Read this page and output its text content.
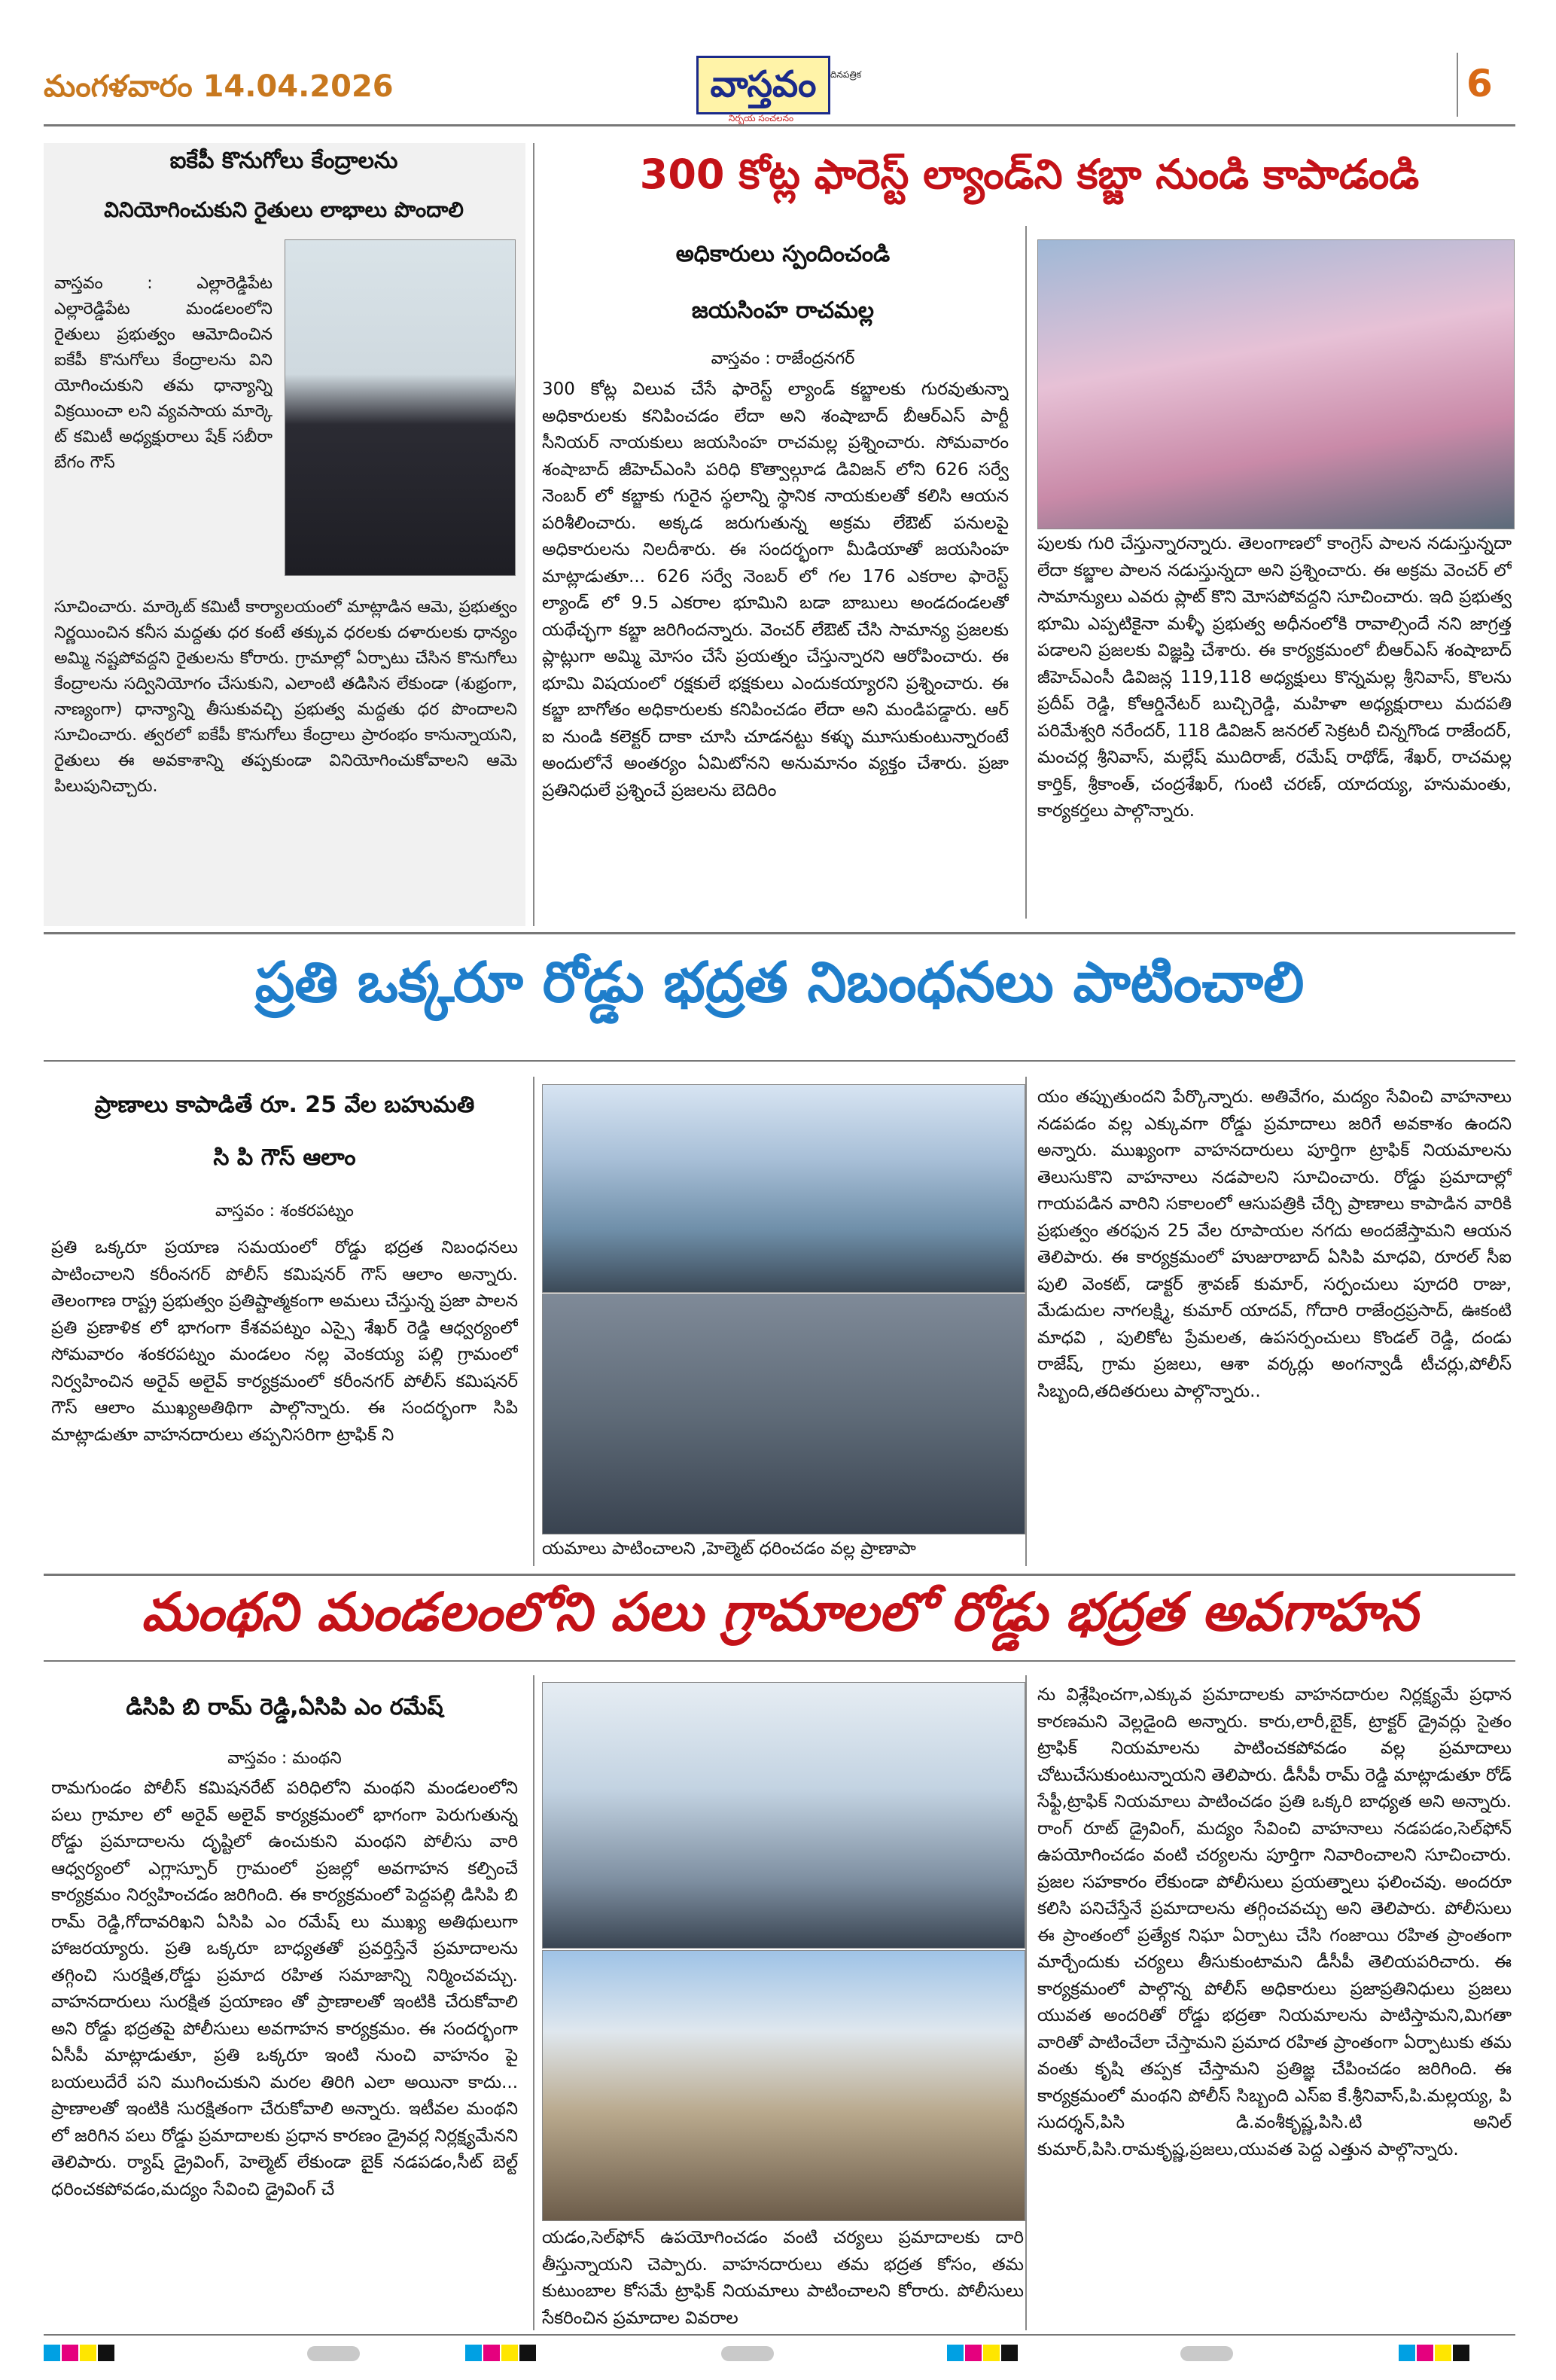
మంగళవారం 14.04.2026	వాస్తవం
నిర్భయ సంచలనం
దినపత్రిక	6
ఐకేపీ కొనుగోలు కేంద్రాలను
వినియోగించుకుని రైతులు లాభాలు పొందాలి
వాస్తవం : ఎల్లారెడ్డిపేట ఎల్లారెడ్డిపేట మండలంలోని రైతులు ప్రభుత్వం ఆమోదించిన ఐకేపీ కొనుగోలు కేంద్రాలను విని యోగించుకుని తమ ధాన్యాన్ని విక్రయించా లని వ్యవసాయ మార్కె ట్ కమిటీ అధ్యక్షురాలు షేక్ సబీరా బేగం గౌస్
సూచించారు. మార్కెట్ కమిటీ కార్యాలయంలో మాట్లాడిన ఆమె, ప్రభుత్వం నిర్ణయించిన కనీస మద్దతు ధర కంటే తక్కువ ధరలకు దళారులకు ధాన్యం అమ్మి నష్టపోవద్దని రైతులను కోరారు. గ్రామాల్లో ఏర్పాటు చేసిన కొనుగోలు కేంద్రాలను సద్వినియోగం చేసుకుని, ఎలాంటి తడిసిన లేకుండా (శుభ్రంగా, నాణ్యంగా) ధాన్యాన్ని తీసుకువచ్చి ప్రభుత్వ మద్దతు ధర పొందాలని సూచించారు. త్వరలో ఐకేపీ కొనుగోలు కేంద్రాలు ప్రారంభం కానున్నాయని, రైతులు ఈ అవకాశాన్ని తప్పకుండా వినియోగించుకోవాలని ఆమె పిలుపునిచ్చారు.
300 కోట్ల ఫారెస్ట్ ల్యాండ్‌ని కబ్జా నుండి కాపాడండి
అధికారులు స్పందించండి
జయసింహ రాచమల్ల
వాస్తవం : రాజేంద్రనగర్
300 కోట్ల విలువ చేసే ఫారెస్ట్ ల్యాండ్ కబ్జాలకు గురవుతున్నా అధికారులకు కనిపించడం లేదా అని శంషాబాద్ బీఆర్ఎస్ పార్టీ సీనియర్ నాయకులు జయసింహ రాచమల్ల ప్రశ్నించారు. సోమవారం శంషాబాద్ జీహెచ్ఎంసి పరిధి కొత్వాల్గూడ డివిజన్ లోని 626 సర్వే నెంబర్ లో కబ్జాకు గురైన స్థలాన్ని స్థానిక నాయకులతో కలిసి ఆయన పరిశీలించారు. అక్కడ జరుగుతున్న అక్రమ లేఔట్ పనులపై అధికారులను నిలదీశారు. ఈ సందర్భంగా మీడియాతో జయసింహ మాట్లాడుతూ... 626 సర్వే నెంబర్ లో గల 176 ఎకరాల ఫారెస్ట్ ల్యాండ్ లో 9.5 ఎకరాల భూమిని బడా బాబులు అండదండలతో యథేచ్ఛగా కబ్జా జరిగిందన్నారు. వెంచర్ లేఔట్ చేసి సామాన్య ప్రజలకు ప్లాట్లుగా అమ్మి మోసం చేసే ప్రయత్నం చేస్తున్నారని ఆరోపించారు. ఈ భూమి విషయంలో రక్షకులే భక్షకులు ఎందుకయ్యారని ప్రశ్నించారు. ఈ కబ్జా బాగోతం అధికారులకు కనిపించడం లేదా అని మండిపడ్డారు. ఆర్ ఐ నుండి కలెక్టర్ దాకా చూసి చూడనట్టు కళ్ళు మూసుకుంటున్నారంటే అందులోనే అంతర్యం ఏమిటోనని అనుమానం వ్యక్తం చేశారు. ప్రజా ప్రతినిధులే ప్రశ్నించే ప్రజలను బెదిరిం
పులకు గురి చేస్తున్నారన్నారు. తెలంగాణలో కాంగ్రెస్ పాలన నడుస్తున్నదా లేదా కబ్జాల పాలన నడుస్తున్నదా అని ప్రశ్నించారు. ఈ అక్రమ వెంచర్ లో సామాన్యులు ఎవరు ప్లాట్ కొని మోసపోవద్దని సూచించారు. ఇది ప్రభుత్వ భూమి ఎప్పటికైనా మళ్ళీ ప్రభుత్వ అధీనంలోకి రావాల్సిందే నని జాగ్రత్త పడాలని ప్రజలకు విజ్ఞప్తి చేశారు. ఈ కార్యక్రమంలో బీఆర్ఎస్ శంషాబాద్ జీహెచ్ఎంసీ డివిజన్ల 119,118 అధ్యక్షులు కొన్నమల్ల శ్రీనివాస్, కొలను ప్రదీప్ రెడ్డి, కోఆర్డినేటర్ బుచ్చిరెడ్డి, మహిళా అధ్యక్షురాలు మదపతి పరిమేశ్వరి నరేందర్, 118 డివిజన్ జనరల్ సెక్రటరీ చిన్నగొండ రాజేందర్, మంచర్ల శ్రీనివాస్, మల్లేష్ ముదిరాజ్, రమేష్ రాథోడ్, శేఖర్, రాచమల్ల కార్తిక్, శ్రీకాంత్, చంద్రశేఖర్, గుంటి చరణ్, యాదయ్య, హనుమంతు, కార్యకర్తలు పాల్గొన్నారు.
ప్రతి ఒక్కరూ రోడ్డు భద్రత నిబంధనలు పాటించాలి
ప్రాణాలు కాపాడితే రూ. 25 వేల బహుమతి
సి పి గౌస్ ఆలాం
వాస్తవం : శంకరపట్నం
ప్రతి ఒక్కరూ ప్రయాణ సమయంలో రోడ్డు భద్రత నిబంధనలు పాటించాలని కరీంనగర్ పోలీస్ కమిషనర్ గౌస్ ఆలాం అన్నారు. తెలంగాణ రాష్ట్ర ప్రభుత్వం ప్రతిష్టాత్మకంగా అమలు చేస్తున్న ప్రజా పాలన ప్రతి ప్రణాళిక లో భాగంగా కేశవపట్నం ఎస్సై శేఖర్ రెడ్డి ఆధ్వర్యంలో సోమవారం శంకరపట్నం మండలం నల్ల వెంకయ్య పల్లి గ్రామంలో నిర్వహించిన అరైవ్ అలైవ్ కార్యక్రమంలో కరీంనగర్ పోలీస్ కమిషనర్ గౌస్ ఆలాం ముఖ్యఅతిథిగా పాల్గొన్నారు. ఈ సందర్భంగా సిపి మాట్లాడుతూ వాహనదారులు తప్పనిసరిగా ట్రాఫిక్ ని
యమాలు పాటించాలని ,హెల్మెట్ ధరించడం వల్ల ప్రాణాపా
యం తప్పుతుందని పేర్కొన్నారు. అతివేగం, మద్యం సేవించి వాహనాలు నడపడం వల్ల ఎక్కువగా రోడ్డు ప్రమాదాలు జరిగే అవకాశం ఉందని అన్నారు. ముఖ్యంగా వాహనదారులు పూర్తిగా ట్రాఫిక్ నియమాలను తెలుసుకొని వాహనాలు నడపాలని సూచించారు. రోడ్డు ప్రమాదాల్లో గాయపడిన వారిని సకాలంలో ఆసుపత్రికి చేర్చి ప్రాణాలు కాపాడిన వారికి ప్రభుత్వం తరఫున 25 వేల రూపాయల నగదు అందజేస్తామని ఆయన తెలిపారు. ఈ కార్యక్రమంలో హుజురాబాద్ ఏసిపి మాధవి, రూరల్ సీఐ పులి వెంకట్, డాక్టర్ శ్రావణ్ కుమార్, సర్పంచులు పూదరి రాజు, మేడుదుల నాగలక్ష్మి, కుమార్ యాదవ్, గోదారి రాజేంద్రప్రసాద్, ఊకంటి మాధవి , పులికోట ప్రేమలత, ఉపసర్పంచులు కొండల్ రెడ్డి, దండు రాజేష్, గ్రామ ప్రజలు, ఆశా వర్కర్లు అంగన్వాడీ టీచర్లు,పోలీస్ సిబ్బంది,తదితరులు పాల్గొన్నారు..
మంథని మండలంలోని పలు గ్రామాలలో రోడ్డు భద్రత అవగాహన
డిసిపి బి రామ్ రెడ్డి,ఏసిపి ఎం రమేష్
వాస్తవం : మంథని
రామగుండం పోలీస్ కమిషనరేట్ పరిధిలోని మంథని మండలంలోని పలు గ్రామాల లో అరైవ్ అలైవ్ కార్యక్రమంలో భాగంగా పెరుగుతున్న రోడ్డు ప్రమాదాలను దృష్టిలో ఉంచుకుని మంథని పోలీసు వారి ఆధ్వర్యంలో ఎగ్లాస్పూర్ గ్రామంలో ప్రజల్లో అవగాహన కల్పించే కార్యక్రమం నిర్వహించడం జరిగింది. ఈ కార్యక్రమంలో పెద్దపల్లి డిసిపి బి రామ్ రెడ్డి,గోదావరిఖని ఏసిపి ఎం రమేష్ లు ముఖ్య అతిథులుగా హాజరయ్యారు. ప్రతి ఒక్కరూ బాధ్యతతో ప్రవర్తిస్తేనే ప్రమాదాలను తగ్గించి సురక్షిత,రోడ్డు ప్రమాద రహిత సమాజాన్ని నిర్మించవచ్చు. వాహనదారులు సురక్షిత ప్రయాణం తో ప్రాణాలతో ఇంటికి చేరుకోవాలి అని రోడ్డు భద్రతపై పోలీసులు అవగాహన కార్యక్రమం. ఈ సందర్భంగా ఏసీపీ మాట్లాడుతూ, ప్రతి ఒక్కరూ ఇంటి నుంచి వాహనం పై బయలుదేరే పని ముగించుకుని మరల తిరిగి ఎలా అయినా కాదు... ప్రాణాలతో ఇంటికి సురక్షితంగా చేరుకోవాలి అన్నారు. ఇటీవల మంథని లో జరిగిన పలు రోడ్డు ప్రమాదాలకు ప్రధాన కారణం డ్రైవర్ల నిర్లక్ష్యమేనని తెలిపారు. ర్యాష్ డ్రైవింగ్, హెల్మెట్ లేకుండా బైక్ నడపడం,సీట్ బెల్ట్ ధరించకపోవడం,మద్యం సేవించి డ్రైవింగ్ చే
యడం,సెల్‌ఫోన్ ఉపయోగించడం వంటి చర్యలు ప్రమాదాలకు దారి తీస్తున్నాయని చెప్పారు. వాహనదారులు తమ భద్రత కోసం, తమ కుటుంబాల కోసమే ట్రాఫిక్ నియమాలు పాటించాలని కోరారు. పోలీసులు సేకరించిన ప్రమాదాల వివరాల
ను విశ్లేషించగా,ఎక్కువ ప్రమాదాలకు వాహనదారుల నిర్లక్ష్యమే ప్రధాన కారణమని వెల్లడైంది అన్నారు. కారు,లారీ,బైక్, ట్రాక్టర్ డ్రైవర్లు సైతం ట్రాఫిక్ నియమాలను పాటించకపోవడం వల్ల ప్రమాదాలు చోటుచేసుకుంటున్నాయని తెలిపారు. డీసీపీ రామ్ రెడ్డి మాట్లాడుతూ రోడ్ సేఫ్టీ,ట్రాఫిక్ నియమాలు పాటించడం ప్రతి ఒక్కరి బాధ్యత అని అన్నారు. రాంగ్ రూట్ డ్రైవింగ్, మద్యం సేవించి వాహనాలు నడపడం,సెల్‌ఫోన్ ఉపయోగించడం వంటి చర్యలను పూర్తిగా నివారించాలని సూచించారు. ప్రజల సహకారం లేకుండా పోలీసులు ప్రయత్నాలు ఫలించవు. అందరూ కలిసి పనిచేస్తేనే ప్రమాదాలను తగ్గించవచ్చు అని తెలిపారు. పోలీసులు ఈ ప్రాంతంలో ప్రత్యేక నిఘా ఏర్పాటు చేసి గంజాయి రహిత ప్రాంతంగా మార్చేందుకు చర్యలు తీసుకుంటామని డీసీపీ తెలియపరిచారు. ఈ కార్యక్రమంలో పాల్గొన్న పోలీస్ అధికారులు ప్రజాప్రతినిధులు ప్రజలు యువత అందరితో రోడ్డు భద్రతా నియమాలను పాటిస్తామని,మిగతా వారితో పాటించేలా చేస్తామని ప్రమాద రహిత ప్రాంతంగా ఏర్పాటుకు తమ వంతు కృషి తప్పక చేస్తామని ప్రతిజ్ఞ చేపించడం జరిగింది. ఈ కార్యక్రమంలో మంథని పోలీస్ సిబ్బంది ఎస్ఐ కే.శ్రీనివాస్,పి.మల్లయ్య, పి సుదర్శన్,పిసి డి.వంశీకృష్ణ,పిసి.టి అనిల్ కుమార్,పిసి.రామకృష్ణ,ప్రజలు,యువత పెద్ద ఎత్తున పాల్గొన్నారు.
